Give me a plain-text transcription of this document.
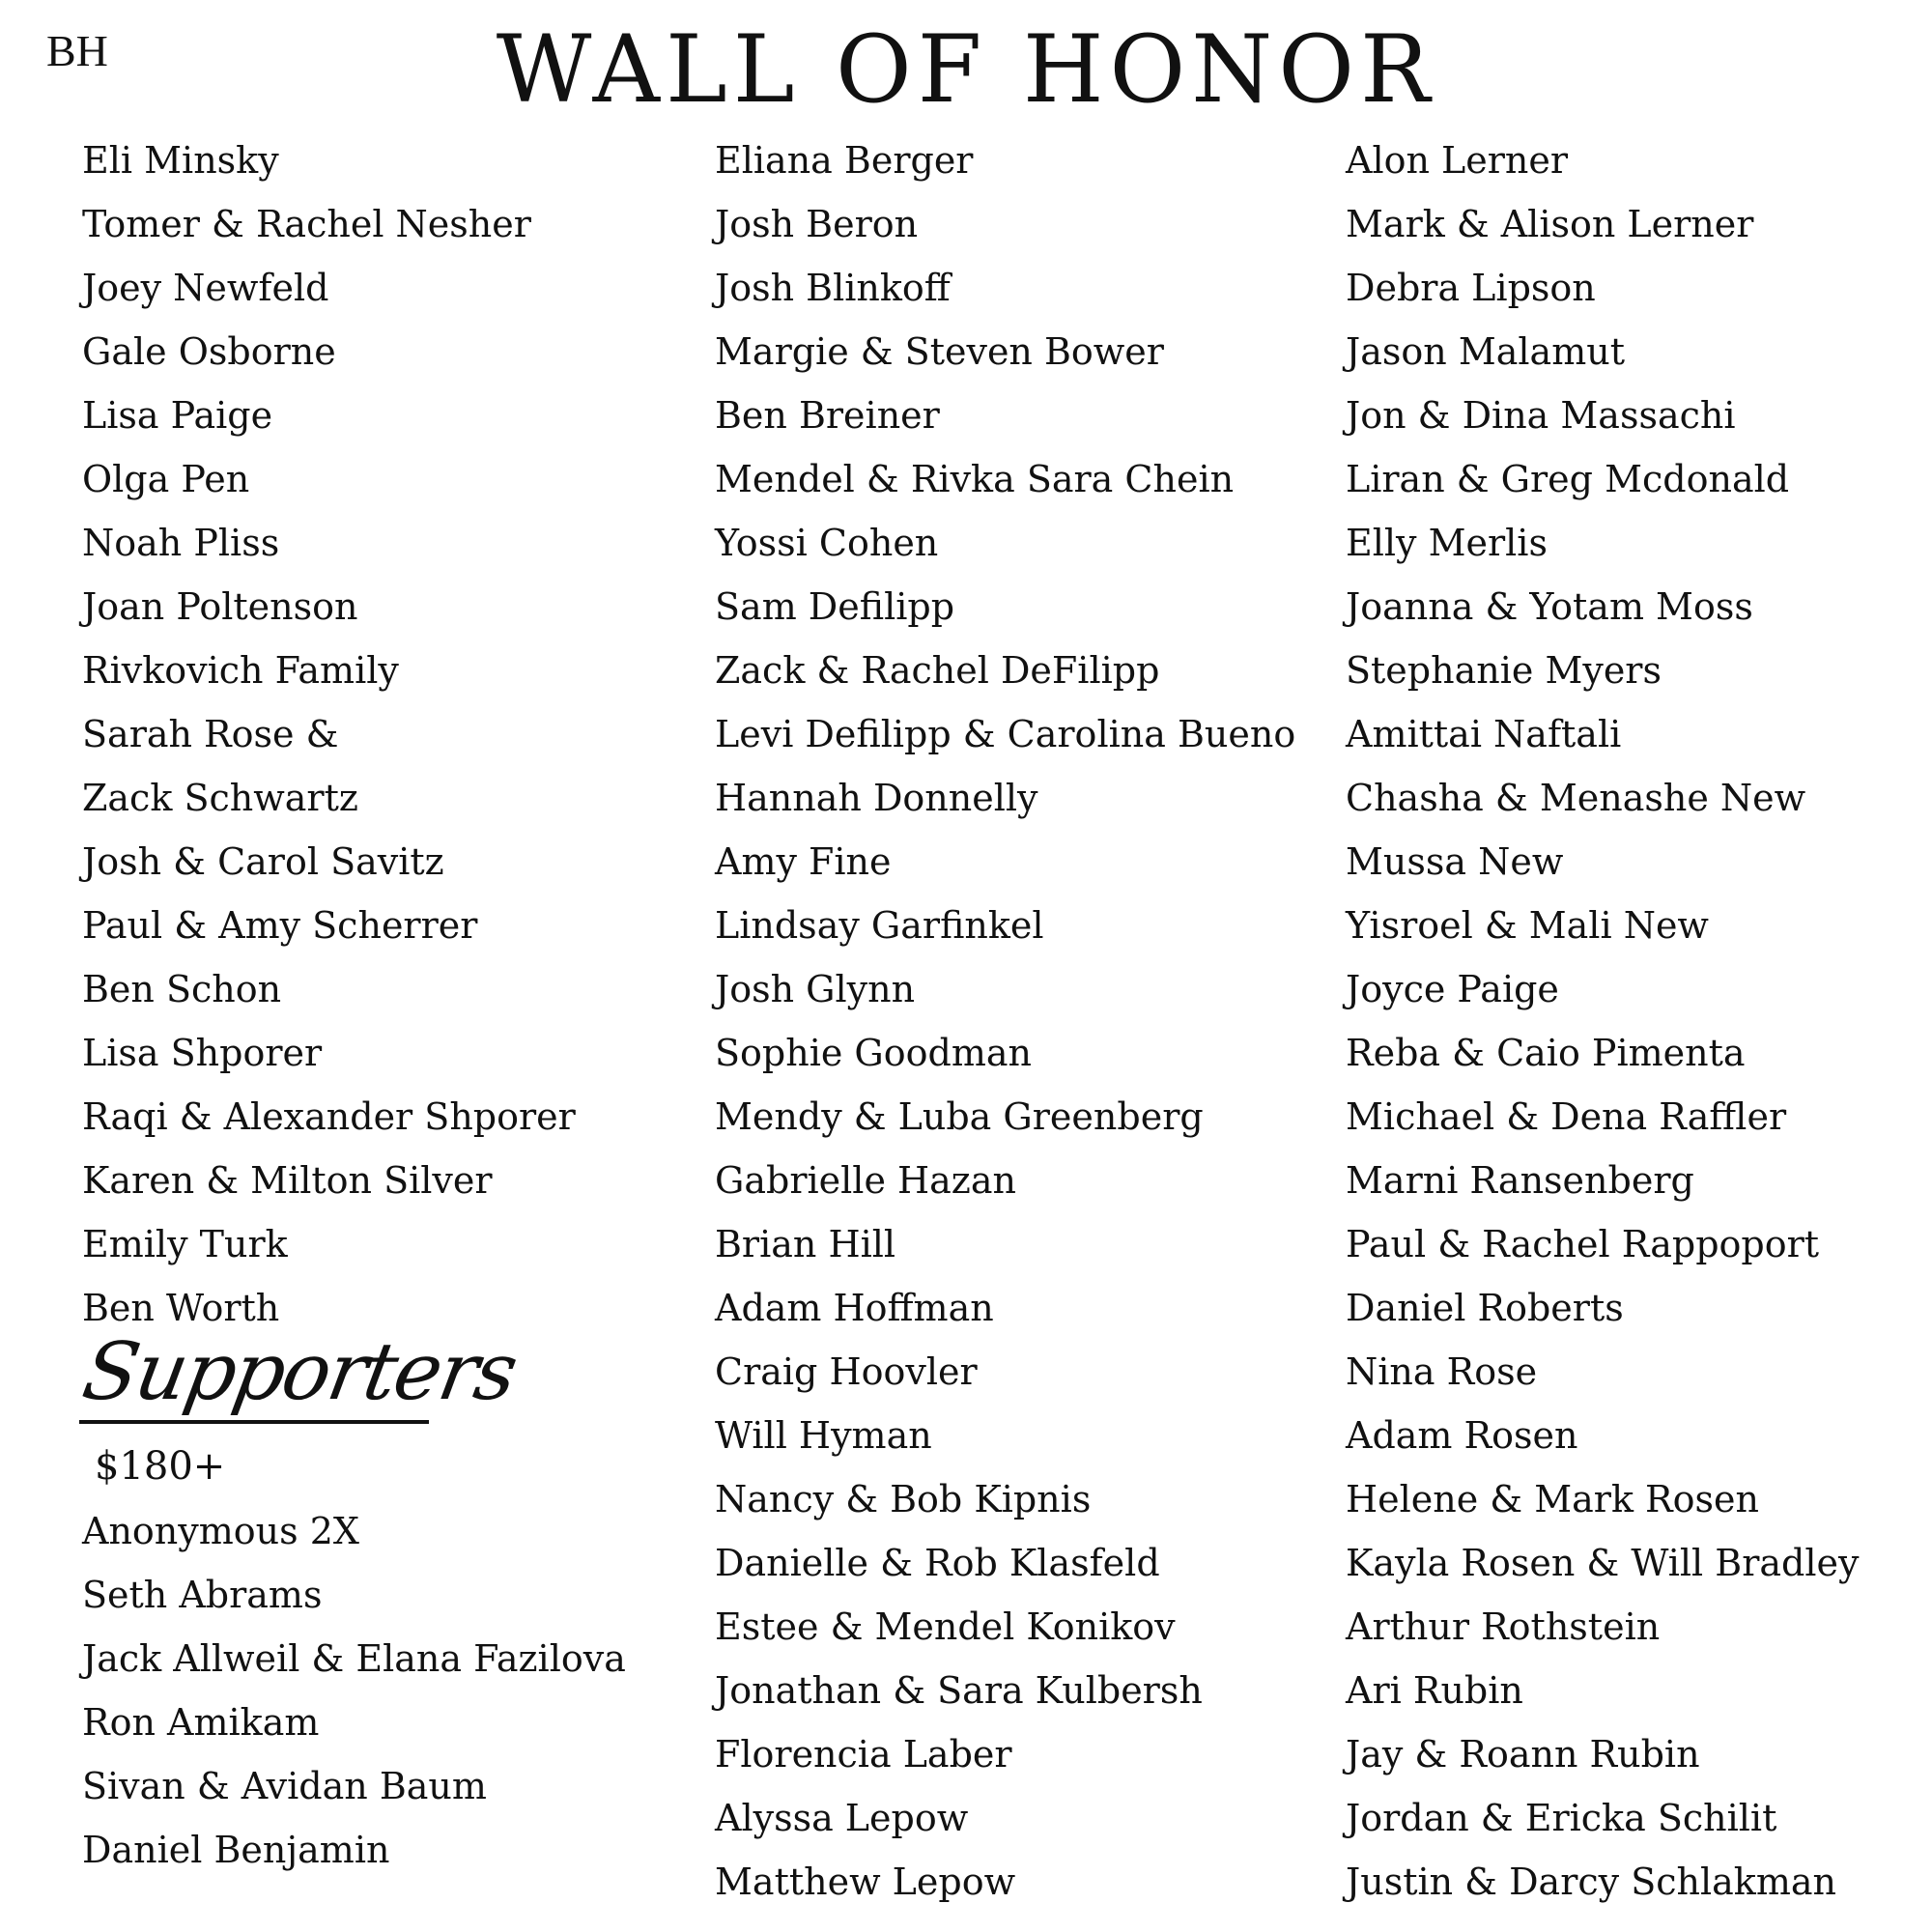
BH	WALL OF HONOR
Eli Minsky
Tomer & Rachel Nesher
Joey Newfeld
Gale Osborne
Lisa Paige
Olga Pen
Noah Pliss
Joan Poltenson
Rivkovich Family
Sarah Rose &
Zack Schwartz
Josh & Carol Savitz
Paul & Amy Scherrer
Ben Schon
Lisa Shporer
Raqi & Alexander Shporer
Karen & Milton Silver
Emily Turk
Ben Worth
Supporters
$180+
Anonymous 2X
Seth Abrams
Jack Allweil & Elana Fazilova
Ron Amikam
Sivan & Avidan Baum
Daniel Benjamin
Eliana Berger
Josh Beron
Josh Blinkoff
Margie & Steven Bower
Ben Breiner
Mendel & Rivka Sara Chein
Yossi Cohen
Sam Defilipp
Zack & Rachel DeFilipp
Levi Defilipp & Carolina Bueno
Hannah Donnelly
Amy Fine
Lindsay Garfinkel
Josh Glynn
Sophie Goodman
Mendy & Luba Greenberg
Gabrielle Hazan
Brian Hill
Adam Hoffman
Craig Hoovler
Will Hyman
Nancy & Bob Kipnis
Danielle & Rob Klasfeld
Estee & Mendel Konikov
Jonathan & Sara Kulbersh
Florencia Laber
Alyssa Lepow
Matthew Lepow
Alon Lerner
Mark & Alison Lerner
Debra Lipson
Jason Malamut
Jon & Dina Massachi
Liran & Greg Mcdonald
Elly Merlis
Joanna & Yotam Moss
Stephanie Myers
Amittai Naftali
Chasha & Menashe New
Mussa New
Yisroel & Mali New
Joyce Paige
Reba & Caio Pimenta
Michael & Dena Raffler
Marni Ransenberg
Paul & Rachel Rappoport
Daniel Roberts
Nina Rose
Adam Rosen
Helene & Mark Rosen
Kayla Rosen & Will Bradley
Arthur Rothstein
Ari Rubin
Jay & Roann Rubin
Jordan & Ericka Schilit
Justin & Darcy Schlakman
